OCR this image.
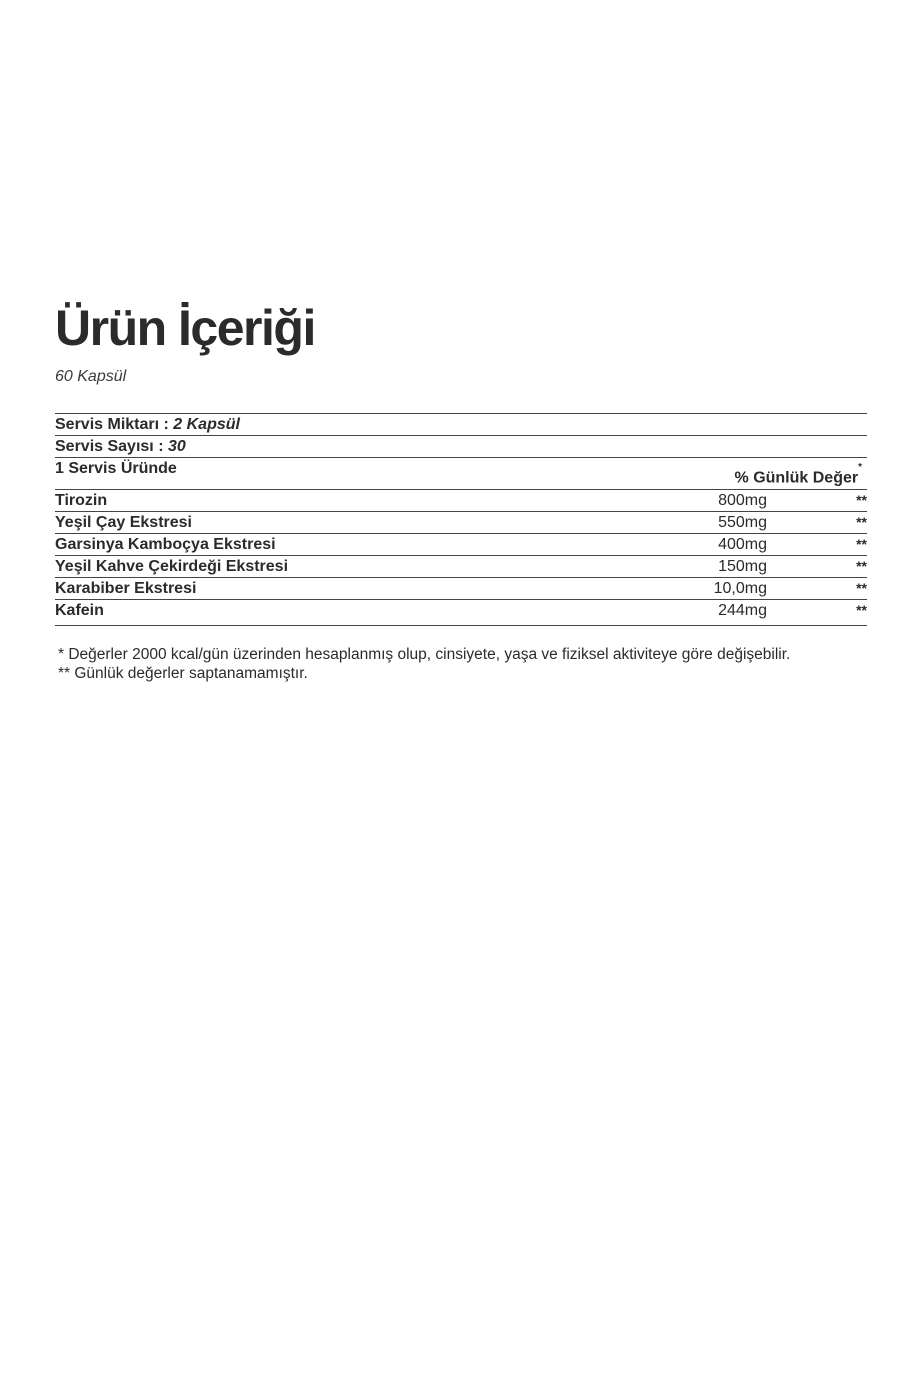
Ürün İçeriği
60 Kapsül
Servis Miktarı : 2 Kapsül
Servis Sayısı : 30
1 Servis Üründe
% Günlük Değer*
Tirozin	800mg	**
Yeşil Çay Ekstresi	550mg	**
Garsinya Kamboçya Ekstresi	400mg	**
Yeşil Kahve Çekirdeği Ekstresi	150mg	**
Karabiber Ekstresi	10,0mg	**
Kafein	244mg	**
* Değerler 2000 kcal/gün üzerinden hesaplanmış olup, cinsiyete, yaşa ve fiziksel aktiviteye göre değişebilir.
** Günlük değerler saptanamamıştır.
